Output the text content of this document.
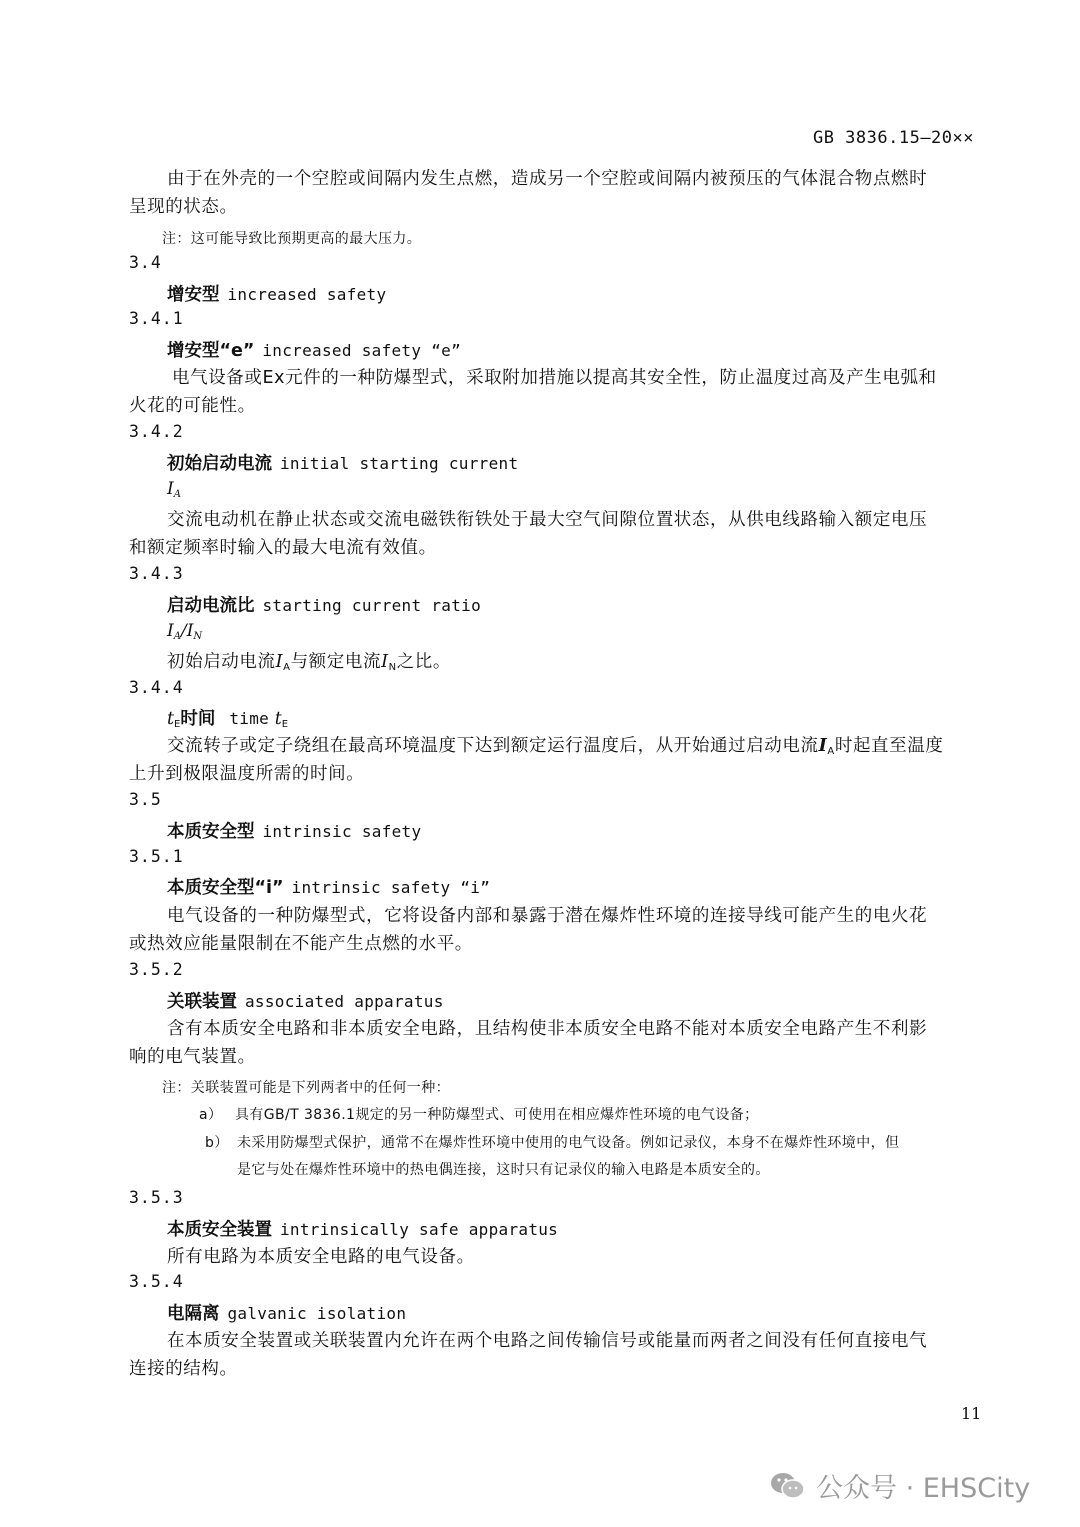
GB 3836.15—20××
由于在外壳的一个空腔或间隔内发生点燃，造成另一个空腔或间隔内被预压的气体混合物点燃时
呈现的状态。
注：这可能导致比预期更高的最大压力。
3.4
增安型 increased safety
3.4.1
增安型“e” increased safety “e”
电气设备或Ex元件的一种防爆型式，采取附加措施以提高其安全性，防止温度过高及产生电弧和
火花的可能性。
3.4.2
初始启动电流 initial starting current
$I_A$
交流电动机在静止状态或交流电磁铁衔铁处于最大空气间隙位置状态，从供电线路输入额定电压
和额定频率时输入的最大电流有效值。
3.4.3
启动电流比 starting current ratio
$I_A/I_N$
初始启动电流$I_A$与额定电流$I_N$之比。
3.4.4
$t_E$时间 time $t_E$
交流转子或定子绕组在最高环境温度下达到额定运行温度后，从开始通过启动电流$I_A$时起直至温度
上升到极限温度所需的时间。
3.5
本质安全型 intrinsic safety
3.5.1
本质安全型“i” intrinsic safety “i”
电气设备的一种防爆型式，它将设备内部和暴露于潜在爆炸性环境的连接导线可能产生的电火花
或热效应能量限制在不能产生点燃的水平。
3.5.2
关联装置 associated apparatus
含有本质安全电路和非本质安全电路，且结构使非本质安全电路不能对本质安全电路产生不利影
响的电气装置。
注：关联装置可能是下列两者中的任何一种：
a） 具有GB/T 3836.1规定的另一种防爆型式、可使用在相应爆炸性环境的电气设备；
b） 未采用防爆型式保护，通常不在爆炸性环境中使用的电气设备。例如记录仪，本身不在爆炸性环境中，但
是它与处在爆炸性环境中的热电偶连接，这时只有记录仪的输入电路是本质安全的。
3.5.3
本质安全装置 intrinsically safe apparatus
所有电路为本质安全电路的电气设备。
3.5.4
电隔离 galvanic isolation
在本质安全装置或关联装置内允许在两个电路之间传输信号或能量而两者之间没有任何直接电气
连接的结构。
11
公众号 · EHSCity
